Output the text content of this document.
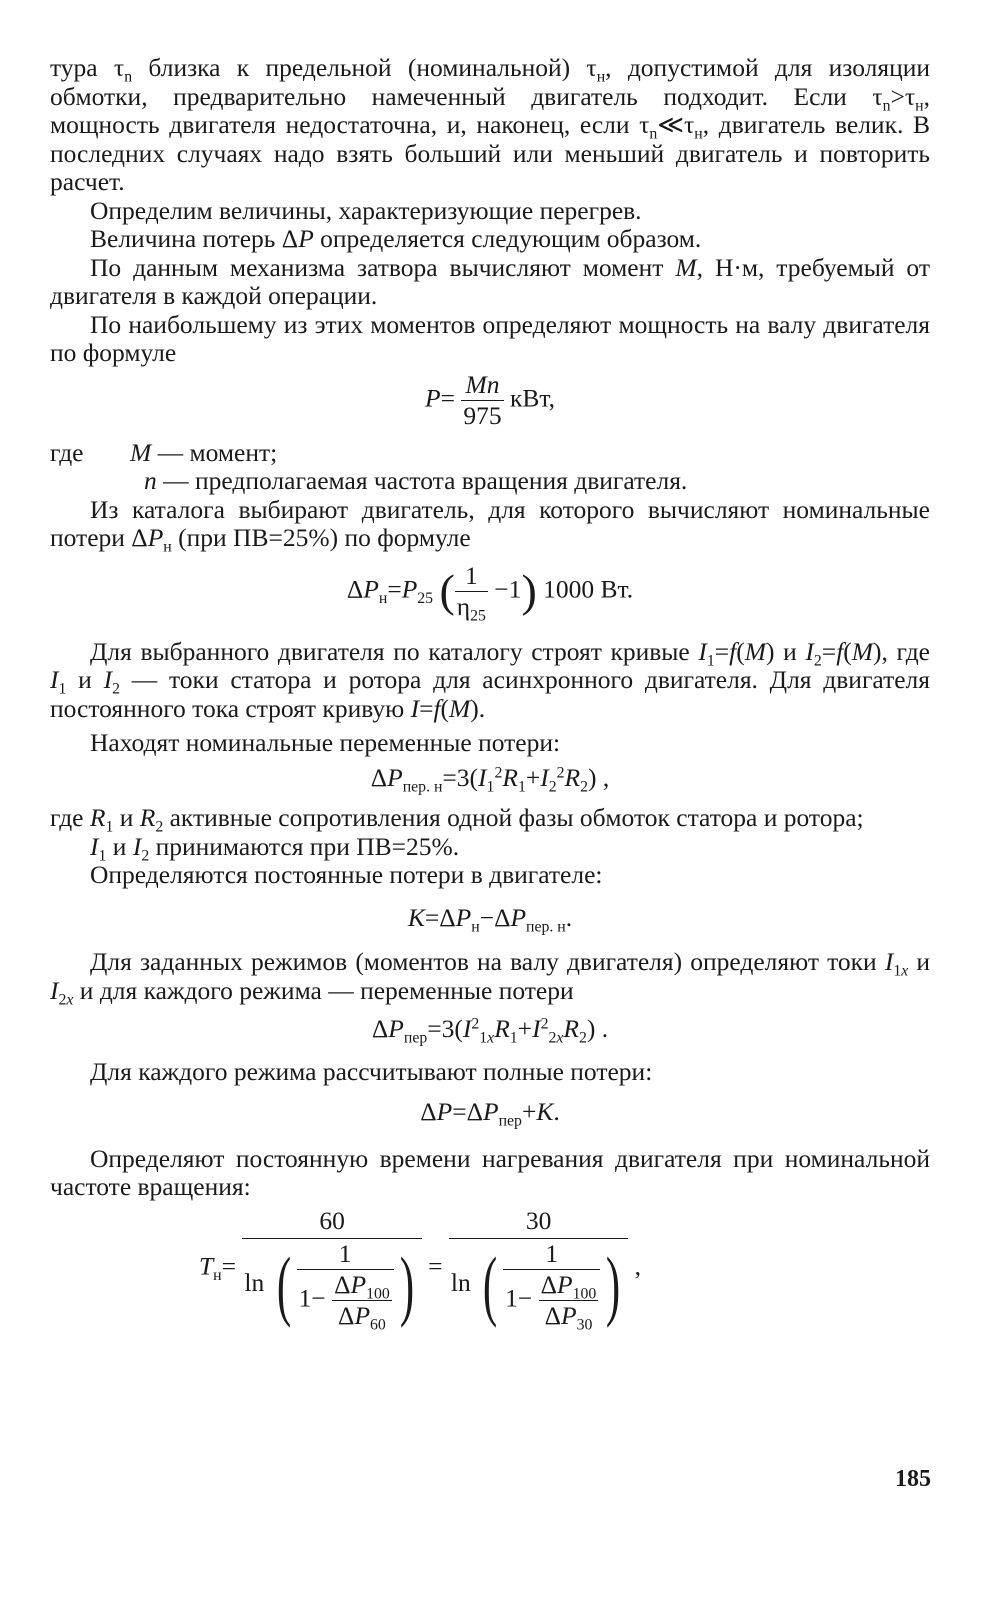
тура $\tau_n$ близка к предельной (номинальной) $\tau_н$, допустимой для изоляции обмотки, предварительно намеченный двигатель подходит. Если $\tau_n>\tau_н$, мощность двигателя недостаточна, и, наконец, если $\tau_n≪\tau_н$, двигатель велик. В последних случаях надо взять больший или меньший двигатель и повторить расчет.

Определим величины, характеризующие перегрев.

Величина потерь ΔP определяется следующим образом.

По данным механизма затвора вычисляют момент M, Н·м, требуемый от двигателя в каждой операции.

По наибольшему из этих моментов определяют мощность на валу двигателя по формуле

$P= \frac{Mn}{975}$ кВт,
где M — момент;
n — предполагаемая частота вращения двигателя.

Из каталога выбирают двигатель, для которого вычисляют номинальные потери $\Delta P_н$ (при ПВ=25%) по формуле

$\Delta P_н=P_{25}$ ( $\frac{1}{\eta_{25}} -1$) 1000 Вт.

Для выбранного двигателя по каталогу строят кривые $I_1=f(M)$ и $I_2=f(M)$, где $I_1$ и $I_2$ — токи статора и ротора для асинхронного двигателя. Для двигателя постоянного тока строят кривую I=f(M).

Находят номинальные переменные потери:

$\Delta P_{пер. н}=3(I_1^2R_1+I_2^2R_2)$ ,

где $R_1$ и $R_2$ активные сопротивления одной фазы обмоток статора и ротора;

$I_1$ и $I_2$ принимаются при ПВ=25%.

Определяются постоянные потери в двигателе:

$K=\Delta P_н-\Delta P_{пер. н}$.

Для заданных режимов (моментов на валу двигателя) определяют токи $I_{1x}$ и $I_{2x}$ и для каждого режима — переменные потери

$\Delta P_{пер}=3(I^2_{1x}R_1+I^2_{2x}R_2)$ .

Для каждого режима рассчитывают полные потери:

$\Delta P=\Delta P_{пер}+K$.

Определяют постоянную времени нагревания двигателя при номинальной частоте вращения:

$T_н= \frac{60}{\ln ( \frac{1}{1- \frac{\Delta P_{100}}{\Delta P_{60}}} )} = \frac{30}{\ln ( \frac{1}{1- \frac{\Delta P_{100}}{\Delta P_{30}}} )}$ ,
185
